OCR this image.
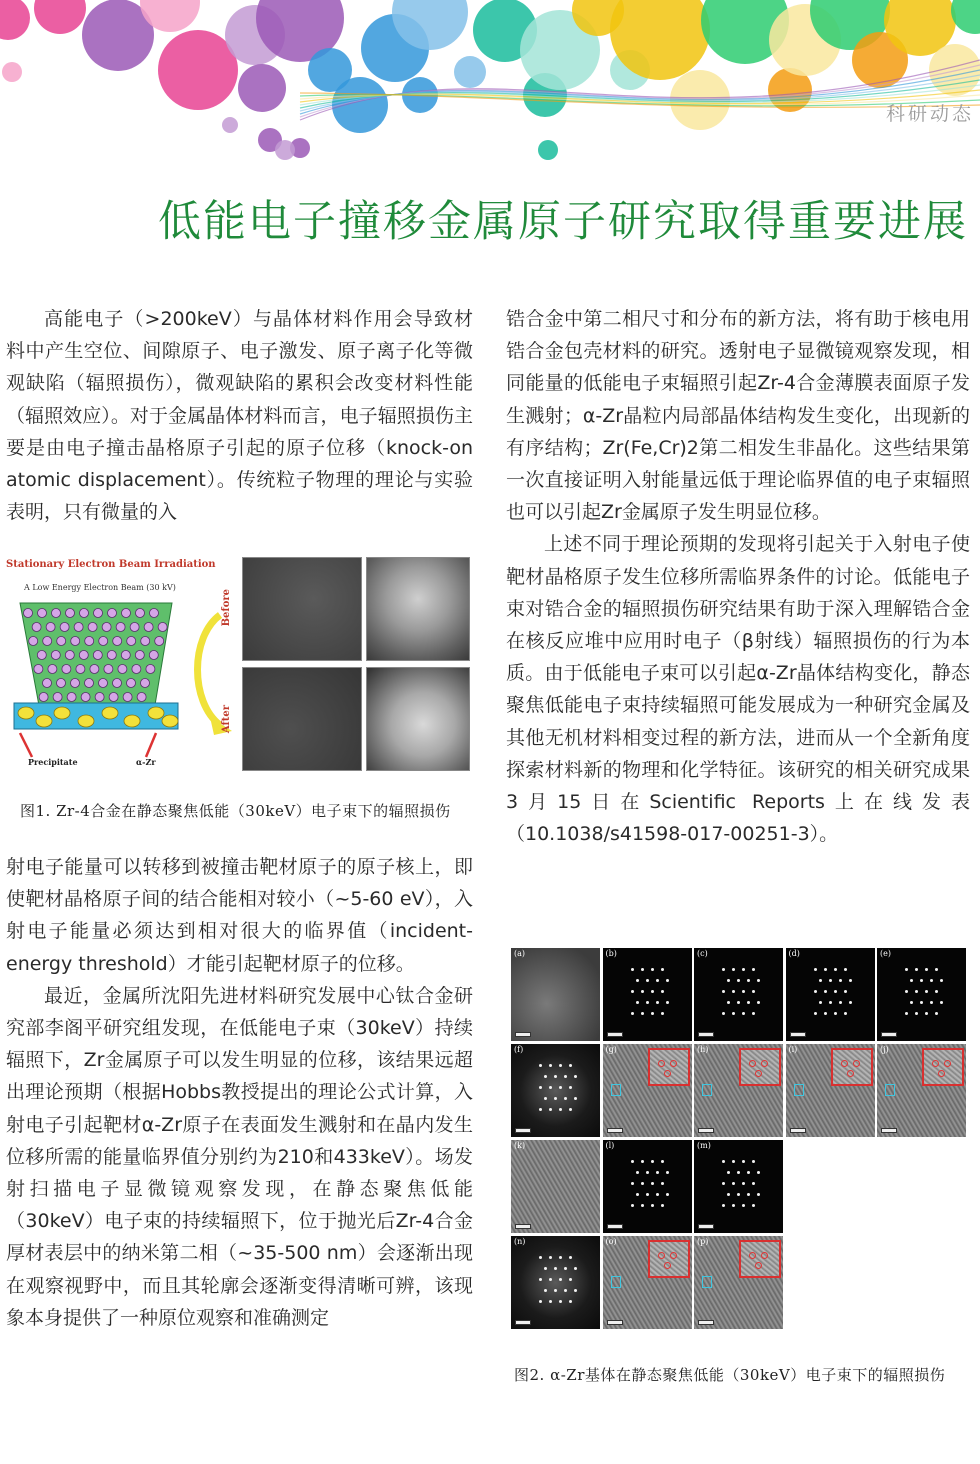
科研动态
低能电子撞移金属原子研究取得重要进展

高能电子（>200keV）与晶体材料作用会导致材料中产生空位、间隙原子、电子激发、原子离子化等微观缺陷（辐照损伤），微观缺陷的累积会改变材料性能（辐照效应）。对于金属晶体材料而言，电子辐照损伤主要是由电子撞击晶格原子引起的原子位移（knock-on atomic displacement）。传统粒子物理的理论与实验表明，只有微量的入

Stationary Electron Beam Irradiation
A Low Energy Electron Beam (30 kV)
Precipitate	α-Zr
Before
After
图1. Zr-4合金在静态聚焦低能（30keV）电子束下的辐照损伤

射电子能量可以转移到被撞击靶材原子的原子核上，即使靶材晶格原子间的结合能相对较小（~5-60 eV），入射电子能量必须达到相对很大的临界值（incident-energy threshold）才能引起靶材原子的位移。

最近，金属所沈阳先进材料研究发展中心钛合金研究部李阁平研究组发现，在低能电子束（30keV）持续辐照下，Zr金属原子可以发生明显的位移，该结果远超出理论预期（根据Hobbs教授提出的理论公式计算，入射电子引起靶材α-Zr原子在表面发生溅射和在晶内发生位移所需的能量临界值分别约为210和433keV）。场发射扫描电子显微镜观察发现，在静态聚焦低能（30keV）电子束的持续辐照下，位于抛光后Zr-4合金厚材表层中的纳米第二相（~35-500 nm）会逐渐出现在观察视野中，而且其轮廓会逐渐变得清晰可辨，该现象本身提供了一种原位观察和准确测定

锆合金中第二相尺寸和分布的新方法，将有助于核电用锆合金包壳材料的研究。透射电子显微镜观察发现，相同能量的低能电子束辐照引起Zr-4合金薄膜表面原子发生溅射；α-Zr晶粒内局部晶体结构发生变化，出现新的有序结构；Zr(Fe,Cr)2第二相发生非晶化。这些结果第一次直接证明入射能量远低于理论临界值的电子束辐照也可以引起Zr金属原子发生明显位移。

上述不同于理论预期的发现将引起关于入射电子使靶材晶格原子发生位移所需临界条件的讨论。低能电子束对锆合金的辐照损伤研究结果有助于深入理解锆合金在核反应堆中应用时电子（β射线）辐照损伤的行为本质。由于低能电子束可以引起α-Zr晶体结构变化，静态聚焦低能电子束持续辐照可能发展成为一种研究金属及其他无机材料相变过程的新方法，进而从一个全新角度探索材料新的物理和化学特征。该研究的相关研究成果3月15日在Scientific Reports上在线发表（10.1038/s41598-017-00251-3）。

(a)	(b)	(c)	(d)	(e)
(f)	(g)	(h)	(i)	(j)
(k)	(l)	(m)
(n)	(o)	(p)
图2. α-Zr基体在静态聚焦低能（30keV）电子束下的辐照损伤
